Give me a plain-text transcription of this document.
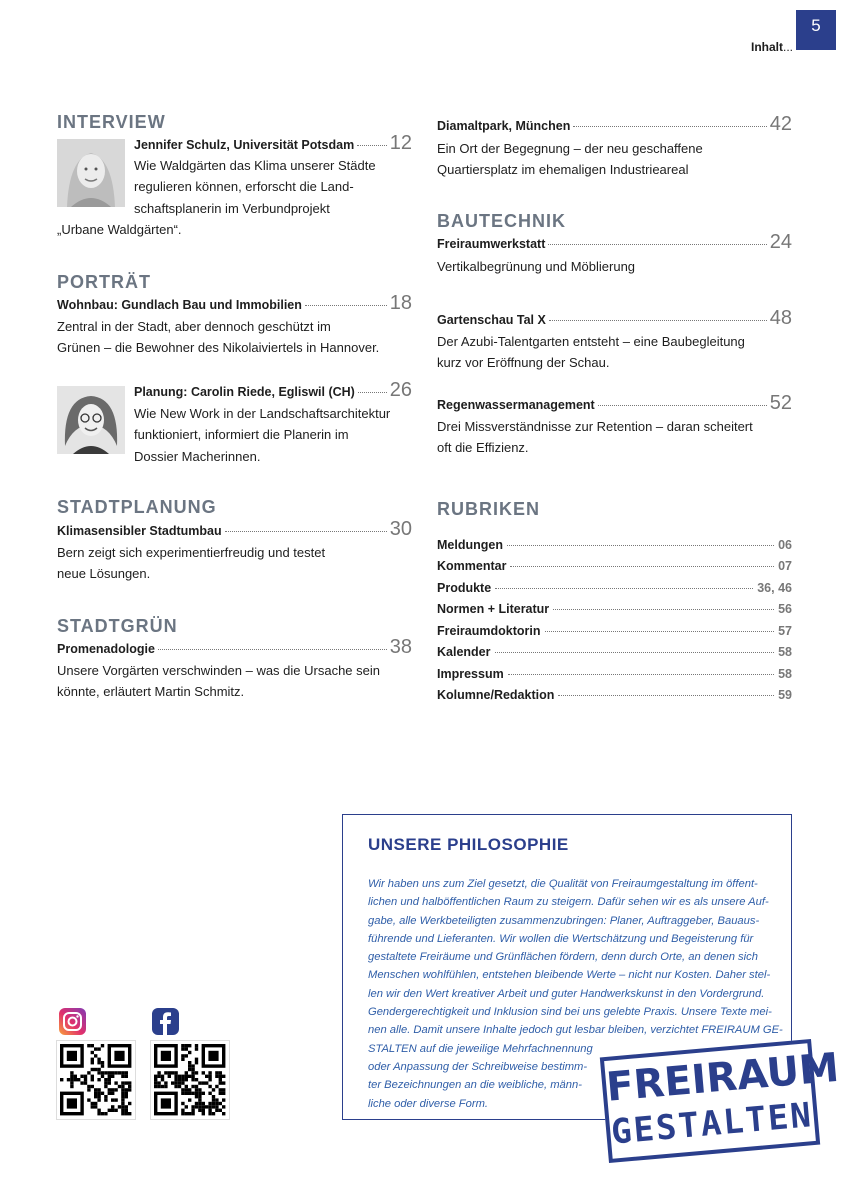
5
Inhalt...
INTERVIEW
Jennifer Schulz, Universität Potsdam 12
Wie Waldgärten das Klima unserer Städte
regulieren können, erforscht die Land-
schaftsplanerin im Verbundprojekt
„Urbane Waldgärten“.
PORTRÄT
Wohnbau: Gundlach Bau und Immobilien	18
Zentral in der Stadt, aber dennoch geschützt im
Grünen – die Bewohner des Nikolaiviertels in Hannover.
Planung: Carolin Riede, Egliswil (CH) 26
Wie New Work in der Landschaftsarchitektur
funktioniert, informiert die Planerin im
Dossier Macherinnen.
STADTPLANUNG
Klimasensibler Stadtumbau	30
Bern zeigt sich experimentierfreudig und testet
neue Lösungen.
STADTGRÜN
Promenadologie	38
Unsere Vorgärten verschwinden – was die Ursache sein
könnte, erläutert Martin Schmitz.
Diamaltpark, München	42
Ein Ort der Begegnung – der neu geschaffene
Quartiersplatz im ehemaligen Industrieareal
BAUTECHNIK
Freiraumwerkstatt	24
Vertikalbegrünung und Möblierung
Gartenschau Tal X	48
Der Azubi-Talentgarten entsteht – eine Baubegleitung
kurz vor Eröffnung der Schau.
Regenwassermanagement	52
Drei Missverständnisse zur Retention – daran scheitert
oft die Effizienz.
RUBRIKEN
Meldungen	06
Kommentar	07
Produkte	36, 46
Normen + Literatur	56
Freiraumdoktorin	57
Kalender	58
Impressum	58
Kolumne/Redaktion	59
UNSERE PHILOSOPHIE
Wir haben uns zum Ziel gesetzt, die Qualität von Freiraumgestaltung im öffent-
lichen und halböffentlichen Raum zu steigern. Dafür sehen wir es als unsere Auf-
gabe, alle Werkbeteiligten zusammenzubringen: Planer, Auftraggeber, Bauaus-
führende und Lieferanten. Wir wollen die Wertschätzung und Begeisterung für
gestaltete Freiräume und Grünflächen fördern, denn durch Orte, an denen sich
Menschen wohlfühlen, entstehen bleibende Werte – nicht nur Kosten. Daher stel-
len wir den Wert kreativer Arbeit und guter Handwerkskunst in den Vordergrund.
Gendergerechtigkeit und Inklusion sind bei uns gelebte Praxis. Unsere Texte mei-
nen alle. Damit unsere Inhalte jedoch gut lesbar bleiben, verzichtet FREIRAUM GE-
STALTEN auf die jeweilige Mehrfachnennung
oder Anpassung der Schreibweise bestimm-
ter Bezeichnungen an die weibliche, männ-
liche oder diverse Form.	FREIRAUM
GESTALTEN
